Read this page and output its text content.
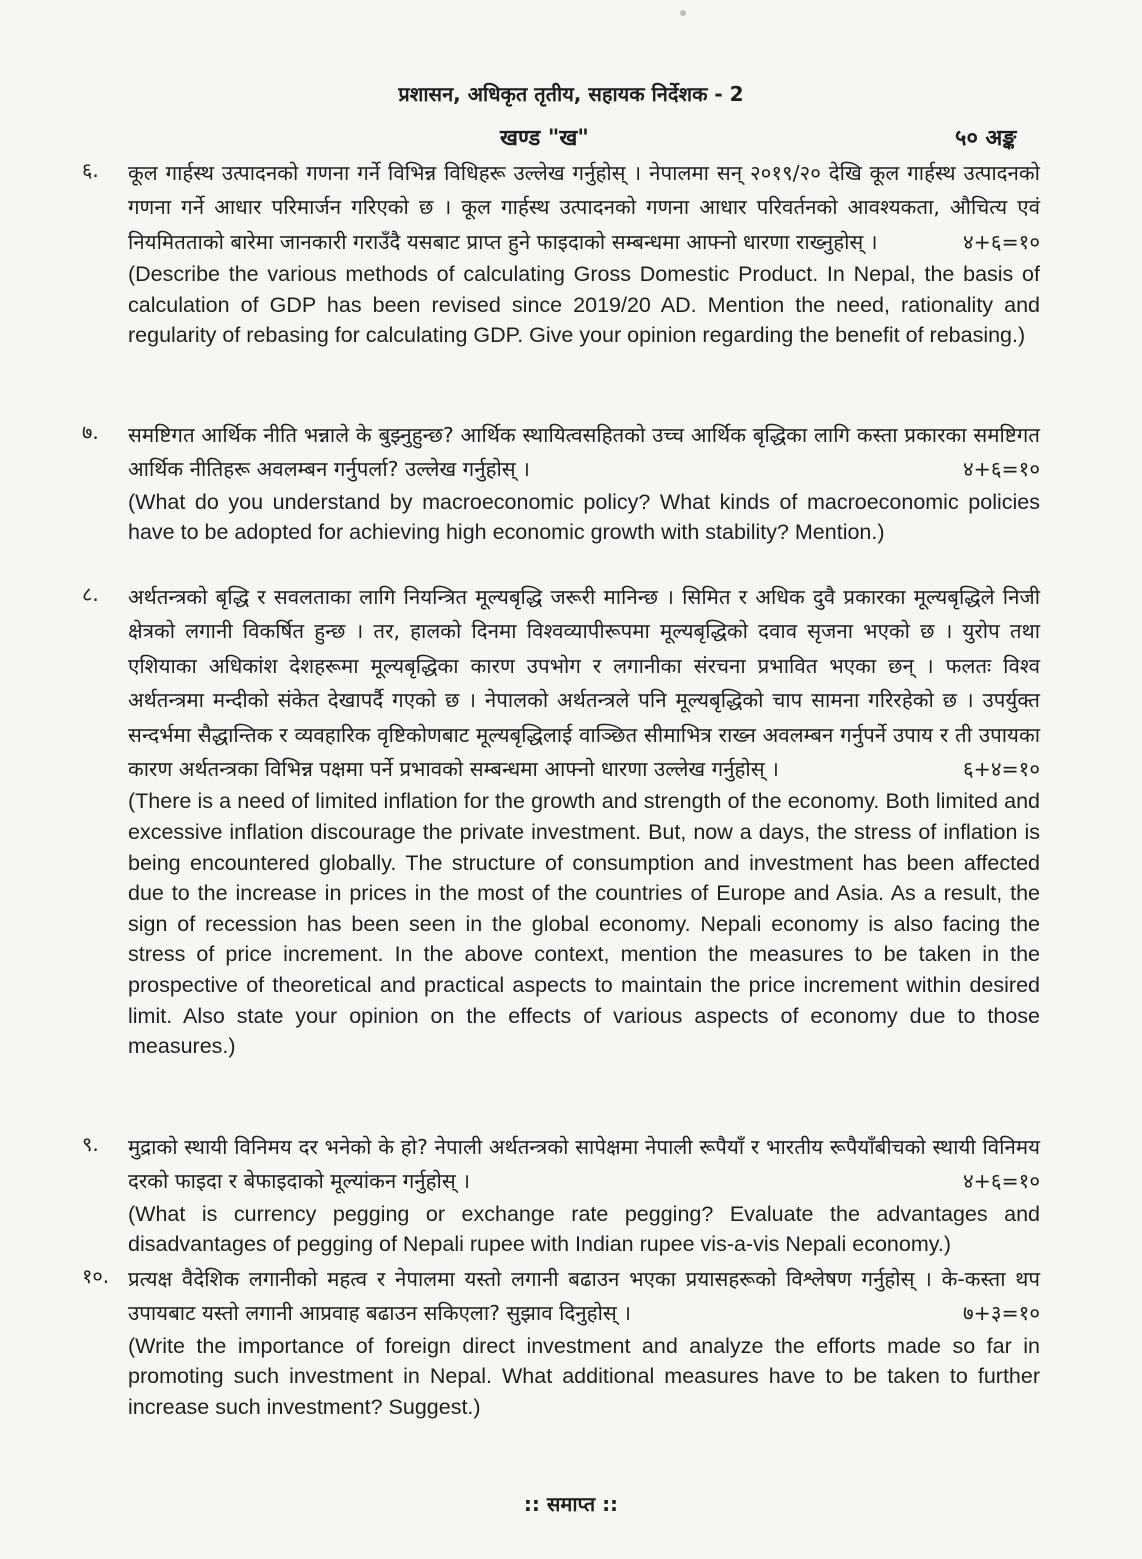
प्रशासन, अधिकृत तृतीय, सहायक निर्देशक - 2
खण्ड "ख"	५० अङ्क
६.	कूल गार्हस्थ उत्पादनको गणना गर्ने विभिन्न विधिहरू उल्लेख गर्नुहोस् । नेपालमा सन् २०१९/२० देखि कूल गार्हस्थ उत्पादनको गणना गर्ने आधार परिमार्जन गरिएको छ । कूल गार्हस्थ उत्पादनको गणना आधार परिवर्तनको आवश्यकता, औचित्य एवं नियमितताको बारेमा जानकारी गराउँदै यसबाट प्राप्त हुने फाइदाको सम्बन्धमा आफ्नो धारणा राख्नुहोस् ।	४+६=१०
(Describe the various methods of calculating Gross Domestic Product. In Nepal, the basis of calculation of GDP has been revised since 2019/20 AD. Mention the need, rationality and regularity of rebasing for calculating GDP. Give your opinion regarding the benefit of rebasing.)
७.	समष्टिगत आर्थिक नीति भन्नाले के बुझ्नुहुन्छ? आर्थिक स्थायित्वसहितको उच्च आर्थिक बृद्धिका लागि कस्ता प्रकारका समष्टिगत आर्थिक नीतिहरू अवलम्बन गर्नुपर्ला? उल्लेख गर्नुहोस् ।	४+६=१०
(What do you understand by macroeconomic policy? What kinds of macroeconomic policies have to be adopted for achieving high economic growth with stability? Mention.)
८.	अर्थतन्त्रको बृद्धि र सवलताका लागि नियन्त्रित मूल्यबृद्धि जरूरी मानिन्छ । सिमित र अधिक दुवै प्रकारका मूल्यबृद्धिले निजी क्षेत्रको लगानी विकर्षित हुन्छ । तर, हालको दिनमा विश्वव्यापीरूपमा मूल्यबृद्धिको दवाव सृजना भएको छ । युरोप तथा एशियाका अधिकांश देशहरूमा मूल्यबृद्धिका कारण उपभोग र लगानीका संरचना प्रभावित भएका छन् । फलतः विश्व अर्थतन्त्रमा मन्दीको संकेत देखापर्दै गएको छ । नेपालको अर्थतन्त्रले पनि मूल्यबृद्धिको चाप सामना गरिरहेको छ । उपर्युक्त सन्दर्भमा सैद्धान्तिक र व्यवहारिक वृष्टिकोणबाट मूल्यबृद्धिलाई वाञ्छित सीमाभित्र राख्न अवलम्बन गर्नुपर्ने उपाय र ती उपायका कारण अर्थतन्त्रका विभिन्न पक्षमा पर्ने प्रभावको सम्बन्धमा आफ्नो धारणा उल्लेख गर्नुहोस् ।	६+४=१०
(There is a need of limited inflation for the growth and strength of the economy. Both limited and excessive inflation discourage the private investment. But, now a days, the stress of inflation is being encountered globally. The structure of consumption and investment has been affected due to the increase in prices in the most of the countries of Europe and Asia. As a result, the sign of recession has been seen in the global economy. Nepali economy is also facing the stress of price increment. In the above context, mention the measures to be taken in the prospective of theoretical and practical aspects to maintain the price increment within desired limit. Also state your opinion on the effects of various aspects of economy due to those measures.)
९.	मुद्राको स्थायी विनिमय दर भनेको के हो? नेपाली अर्थतन्त्रको सापेक्षमा नेपाली रूपैयाँ र भारतीय रूपैयाँबीचको स्थायी विनिमय दरको फाइदा र बेफाइदाको मूल्यांकन गर्नुहोस् ।	४+६=१०
(What is currency pegging or exchange rate pegging? Evaluate the advantages and disadvantages of pegging of Nepali rupee with Indian rupee vis-a-vis Nepali economy.)
१०. प्रत्यक्ष वैदेशिक लगानीको महत्व र नेपालमा यस्तो लगानी बढाउन भएका प्रयासहरूको विश्लेषण गर्नुहोस् । के-कस्ता थप उपायबाट यस्तो लगानी आप्रवाह बढाउन सकिएला? सुझाव दिनुहोस् ।	७+३=१०
(Write the importance of foreign direct investment and analyze the efforts made so far in promoting such investment in Nepal. What additional measures have to be taken to further increase such investment? Suggest.)
:: समाप्त ::
